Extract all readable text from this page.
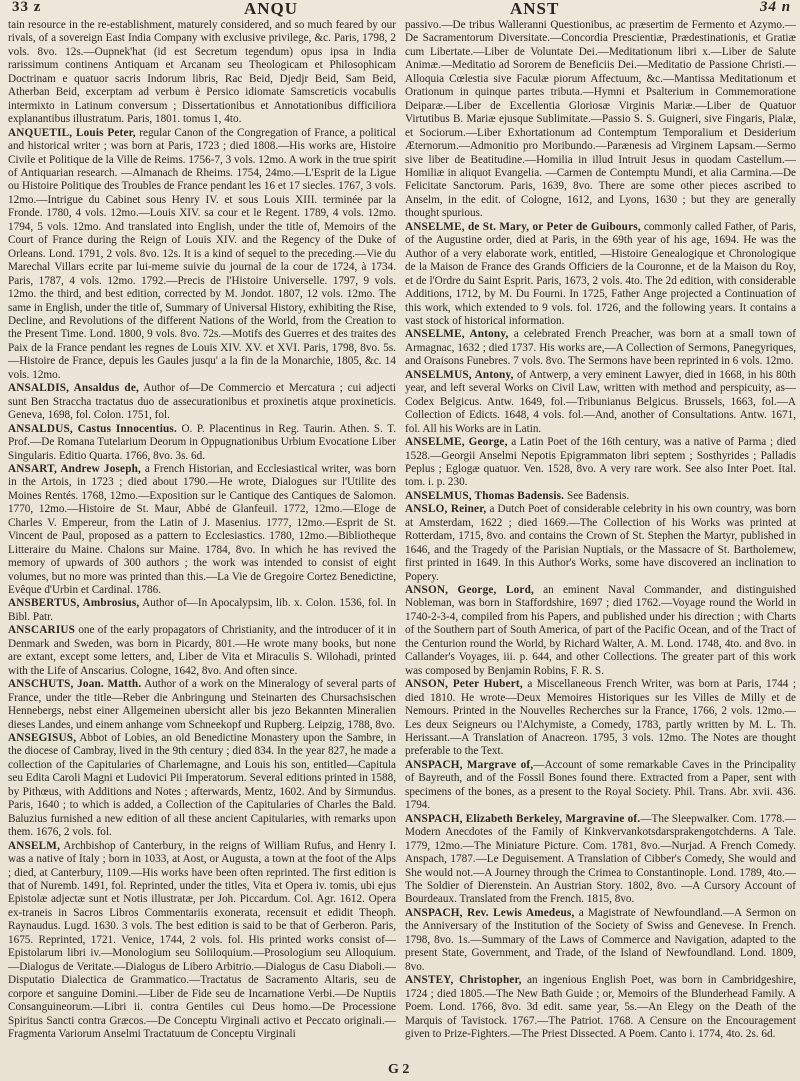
33 z	ANQU	ANST	34 n

tain resource in the re-establishment, maturely considered, and so much feared by our rivals, of a sovereign East India Company with exclusive privilege, &c. Paris, 1798, 2 vols. 8vo. 12s.—Oupnek'hat (id est Secretum tegendum) opus ipsa in India rarissimum continens Antiquam et Arcanam seu Theologicam et Philosophicam Doctrinam e quatuor sacris Indorum libris, Rac Beid, Djedjr Beid, Sam Beid, Atherban Beid, excerptam ad verbum è Persico idiomate Samscreticis vocabulis intermixto in Latinum conversum ; Dissertationibus et Annotationibus difficiliora explanantibus illustratum. Paris, 1801. tomus 1, 4to.

ANQUETIL, Louis Peter, regular Canon of the Congregation of France, a political and historical writer ; was born at Paris, 1723 ; died 1808.—His works are, Histoire Civile et Politique de la Ville de Reims. 1756-7, 3 vols. 12mo. A work in the true spirit of Antiquarian research. —Almanach de Rheims. 1754, 24mo.—L'Esprit de la Ligue ou Histoire Politique des Troubles de France pendant les 16 et 17 siecles. 1767, 3 vols. 12mo.—Intrigue du Cabinet sous Henry IV. et sous Louis XIII. terminée par la Fronde. 1780, 4 vols. 12mo.—Louis XIV. sa cour et le Regent. 1789, 4 vols. 12mo. 1794, 5 vols. 12mo. And translated into English, under the title of, Memoirs of the Court of France during the Reign of Louis XIV. and the Regency of the Duke of Orleans. Lond. 1791, 2 vols. 8vo. 12s. It is a kind of sequel to the preceding.—Vie du Marechal Villars ecrite par lui-meme suivie du journal de la cour de 1724, à 1734. Paris, 1787, 4 vols. 12mo. 1792.—Precis de l'Histoire Universelle. 1797, 9 vols. 12mo. the third, and best edition, corrected by M. Jondot. 1807, 12 vols. 12mo. The same in English, under the title of, Summary of Universal History, exhibiting the Rise, Decline, and Revolutions of the different Nations of the World, from the Creation to the Present Time. Lond. 1800, 9 vols. 8vo. 72s.—Motifs des Guerres et des traites des Paix de la France pendant les regnes de Louis XIV. XV. et XVI. Paris, 1798, 8vo. 5s.—Histoire de France, depuis les Gaules jusqu' a la fin de la Monarchie, 1805, &c. 14 vols. 12mo.

ANSALDIS, Ansaldus de, Author of—De Commercio et Mercatura ; cui adjecti sunt Ben Straccha tractatus duo de assecurationibus et proxinetis atque proxineticis. Geneva, 1698, fol. Colon. 1751, fol.

ANSALDUS, Castus Innocentius. O. P. Placentinus in Reg. Taurin. Athen. S. T. Prof.—De Romana Tutelarium Deorum in Oppugnationibus Urbium Evocatione Liber Singularis. Editio Quarta. 1766, 8vo. 3s. 6d.

ANSART, Andrew Joseph, a French Historian, and Ecclesiastical writer, was born in the Artois, in 1723 ; died about 1790.—He wrote, Dialogues sur l'Utilite des Moines Rentés. 1768, 12mo.—Exposition sur le Cantique des Cantiques de Salomon. 1770, 12mo.—Histoire de St. Maur, Abbé de Glanfeuil. 1772, 12mo.—Eloge de Charles V. Empereur, from the Latin of J. Masenius. 1777, 12mo.—Esprit de St. Vincent de Paul, proposed as a pattern to Ecclesiastics. 1780, 12mo.—Bibliotheque Litteraire du Maine. Chalons sur Maine. 1784, 8vo. In which he has revived the memory of upwards of 300 authors ; the work was intended to consist of eight volumes, but no more was printed than this.—La Vie de Gregoire Cortez Benedictine, Evêque d'Urbin et Cardinal. 1786.

ANSBERTUS, Ambrosius, Author of—In Apocalypsim, lib. x. Colon. 1536, fol. In Bibl. Patr.

ANSCARIUS one of the early propagators of Christianity, and the introducer of it in Denmark and Sweden, was born in Picardy, 801.—He wrote many books, but none are extant, except some letters, and, Liber de Vita et Miraculis S. Wilohadi, printed with the Life of Anscarius. Cologne, 1642, 8vo. And often since.

ANSCHUTS, Joan. Matth. Author of a work on the Mineralogy of several parts of France, under the title—Reber die Anbringung und Steinarten des Chursachsischen Hennebergs, nebst einer Allgemeinen ubersicht aller bis jezo Bekannten Mineralien dieses Landes, und einem anhange vom Schneekopf und Rupberg. Leipzig, 1788, 8vo.

ANSEGISUS, Abbot of Lobies, an old Benedictine Monastery upon the Sambre, in the diocese of Cambray, lived in the 9th century ; died 834. In the year 827, he made a collection of the Capitularies of Charlemagne, and Louis his son, entitled—Capitula seu Edita Caroli Magni et Ludovici Pii Imperatorum. Several editions printed in 1588, by Pithœus, with Additions and Notes ; afterwards, Mentz, 1602. And by Sirmundus. Paris, 1640 ; to which is added, a Collection of the Capitularies of Charles the Bald. Baluzius furnished a new edition of all these ancient Capitularies, with remarks upon them. 1676, 2 vols. fol.

ANSELM, Archbishop of Canterbury, in the reigns of William Rufus, and Henry I. was a native of Italy ; born in 1033, at Aost, or Augusta, a town at the foot of the Alps ; died, at Canterbury, 1109.—His works have been often reprinted. The first edition is that of Nuremb. 1491, fol. Reprinted, under the titles, Vita et Opera iv. tomis, ubi ejus Epistolæ adjectæ sunt et Notis illustratæ, per Joh. Piccardum. Col. Agr. 1612. Opera ex-traneis in Sacros Libros Commentariis exonerata, recensuit et edidit Theoph. Raynaudus. Lugd. 1630. 3 vols. The best edition is said to be that of Gerberon. Paris, 1675. Reprinted, 1721. Venice, 1744, 2 vols. fol. His printed works consist of—Epistolarum libri iv.—Monologium seu Soliloquium.—Prosologium seu Alloquium.—Dialogus de Veritate.—Dialogus de Libero Arbitrio.—Dialogus de Casu Diaboli.—Disputatio Dialectica de Grammatico.—Tractatus de Sacramento Altaris, seu de corpore et sanguine Domini.—Liber de Fide seu de Incarnatione Verbi.—De Nuptiis Consanguineorum.—Libri ii. contra Gentiles cui Deus homo.—De Processione Spiritus Sancti contra Græcos.—De Conceptu Virginali activo et Peccato originali.—Fragmenta Variorum Anselmi Tractatuum de Conceptu Virginali

passivo.—De tribus Walleranni Questionibus, ac præsertim de Fermento et Azymo.—De Sacramentorum Diversitate.—Concordia Prescientiæ, Prædestinationis, et Gratiæ cum Libertate.—Liber de Voluntate Dei.—Meditationum libri x.—Liber de Salute Animæ.—Meditatio ad Sororem de Beneficiis Dei.—Meditatio de Passione Christi.—Alloquia Cœlestia sive Faculæ piorum Affectuum, &c.—Mantissa Meditationum et Orationum in quinque partes tributa.—Hymni et Psalterium in Commemoratione Deiparæ.—Liber de Excellentia Gloriosæ Virginis Mariæ.—Liber de Quatuor Virtutibus B. Mariæ ejusque Sublimitate.—Passio S. S. Guigneri, sive Fingaris, Pialæ, et Sociorum.—Liber Exhortationum ad Contemptum Temporalium et Desiderium Æternorum.—Admonitio pro Moribundo.—Parænesis ad Virginem Lapsam.—Sermo sive liber de Beatitudine.—Homilia in illud Intruit Jesus in quodam Castellum.—Homiliæ in aliquot Evangelia. —Carmen de Contemptu Mundi, et alia Carmina.—De Felicitate Sanctorum. Paris, 1639, 8vo. There are some other pieces ascribed to Anselm, in the edit. of Cologne, 1612, and Lyons, 1630 ; but they are generally thought spurious.

ANSELME, de St. Mary, or Peter de Guibours, commonly called Father, of Paris, of the Augustine order, died at Paris, in the 69th year of his age, 1694. He was the Author of a very elaborate work, entitled, —Histoire Genealogique et Chronologique de la Maison de France des Grands Officiers de la Couronne, et de la Maison du Roy, et de l'Ordre du Saint Esprit. Paris, 1673, 2 vols. 4to. The 2d edition, with considerable Additions, 1712, by M. Du Fourni. In 1725, Father Ange projected a Continuation of this work, which extended to 9 vols. fol. 1726, and the following years. It contains a vast stock of historical information.

ANSELME, Antony, a celebrated French Preacher, was born at a small town of Armagnac, 1632 ; died 1737. His works are,—A Collection of Sermons, Panegyriques, and Oraisons Funebres. 7 vols. 8vo. The Sermons have been reprinted in 6 vols. 12mo.

ANSELMUS, Antony, of Antwerp, a very eminent Lawyer, died in 1668, in his 80th year, and left several Works on Civil Law, written with method and perspicuity, as—Codex Belgicus. Antw. 1649, fol.—Tribunianus Belgicus. Brussels, 1663, fol.—A Collection of Edicts. 1648, 4 vols. fol.—And, another of Consultations. Antw. 1671, fol. All his Works are in Latin.

ANSELME, George, a Latin Poet of the 16th century, was a native of Parma ; died 1528.—Georgii Anselmi Nepotis Epigrammaton libri septem ; Sosthyrides ; Palladis Peplus ; Eglogæ quatuor. Ven. 1528, 8vo. A very rare work. See also Inter Poet. Ital. tom. i. p. 230.

ANSELMUS, Thomas Badensis. See Badensis.

ANSLO, Reiner, a Dutch Poet of considerable celebrity in his own country, was born at Amsterdam, 1622 ; died 1669.—The Collection of his Works was printed at Rotterdam, 1715, 8vo. and contains the Crown of St. Stephen the Martyr, published in 1646, and the Tragedy of the Parisian Nuptials, or the Massacre of St. Bartholemew, first printed in 1649. In this Author's Works, some have discovered an inclination to Popery.

ANSON, George, Lord, an eminent Naval Commander, and distinguished Nobleman, was born in Staffordshire, 1697 ; died 1762.—Voyage round the World in 1740-2-3-4, compiled from his Papers, and published under his direction ; with Charts of the Southern part of South America, of part of the Pacific Ocean, and of the Tract of the Centurion round the World, by Richard Walter, A. M. Lond. 1748, 4to. and 8vo. in Callander's Voyages, iii. p. 644, and other Collections. The greater part of this work was composed by Benjamin Robins, F. R. S.

ANSON, Peter Hubert, a Miscellaneous French Writer, was born at Paris, 1744 ; died 1810. He wrote—Deux Memoires Historiques sur les Villes de Milly et de Nemours. Printed in the Nouvelles Recherches sur la France, 1766, 2 vols. 12mo.—Les deux Seigneurs ou l'Alchymiste, a Comedy, 1783, partly written by M. L. Th. Herissant.—A Translation of Anacreon. 1795, 3 vols. 12mo. The Notes are thought preferable to the Text.

ANSPACH, Margrave of,—Account of some remarkable Caves in the Principality of Bayreuth, and of the Fossil Bones found there. Extracted from a Paper, sent with specimens of the bones, as a present to the Royal Society. Phil. Trans. Abr. xvii. 436. 1794.

ANSPACH, Elizabeth Berkeley, Margravine of.—The Sleepwalker. Com. 1778.—Modern Anecdotes of the Family of Kinkvervankotsdarsprakengotchderns. A Tale. 1779, 12mo.—The Miniature Picture. Com. 1781, 8vo.—Nurjad. A French Comedy. Anspach, 1787.—Le Deguisement. A Translation of Cibber's Comedy, She would and She would not.—A Journey through the Crimea to Constantinople. Lond. 1789, 4to.—The Soldier of Dierenstein. An Austrian Story. 1802, 8vo. —A Cursory Account of Bourdeaux. Translated from the French. 1815, 8vo.

ANSPACH, Rev. Lewis Amedeus, a Magistrate of Newfoundland.—A Sermon on the Anniversary of the Institution of the Society of Swiss and Genevese. In French. 1798, 8vo. 1s.—Summary of the Laws of Commerce and Navigation, adapted to the present State, Government, and Trade, of the Island of Newfoundland. Lond. 1809, 8vo.

ANSTEY, Christopher, an ingenious English Poet, was born in Cambridgeshire, 1724 ; died 1805.—The New Bath Guide ; or, Memoirs of the Blunderhead Family. A Poem. Lond. 1766, 8vo. 3d edit. same year, 5s.—An Elegy on the Death of the Marquis of Tavistock. 1767.—The Patriot. 1768. A Censure on the Encouragement given to Prize-Fighters.—The Priest Dissected. A Poem. Canto i. 1774, 4to. 2s. 6d.

G 2
